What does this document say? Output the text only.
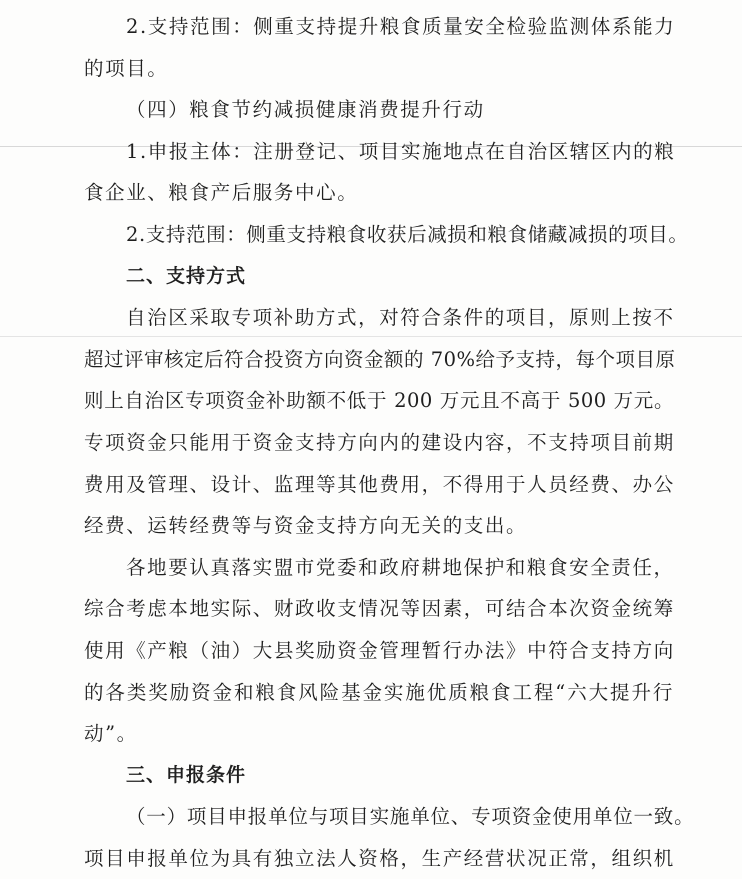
2.支持范围：侧重支持提升粮食质量安全检验监测体系能力
的项目。
（四）粮食节约减损健康消费提升行动
1.申报主体：注册登记、项目实施地点在自治区辖区内的粮
食企业、粮食产后服务中心。
2.支持范围：侧重支持粮食收获后减损和粮食储藏减损的项目。
二、支持方式
自治区采取专项补助方式，对符合条件的项目，原则上按不
超过评审核定后符合投资方向资金额的 70%给予支持，每个项目原
则上自治区专项资金补助额不低于 200 万元且不高于 500 万元。
专项资金只能用于资金支持方向内的建设内容，不支持项目前期
费用及管理、设计、监理等其他费用，不得用于人员经费、办公
经费、运转经费等与资金支持方向无关的支出。
各地要认真落实盟市党委和政府耕地保护和粮食安全责任，
综合考虑本地实际、财政收支情况等因素，可结合本次资金统筹
使用《产粮（油）大县奖励资金管理暂行办法》中符合支持方向
的各类奖励资金和粮食风险基金实施优质粮食工程“六大提升行
动”。
三、申报条件
（一）项目申报单位与项目实施单位、专项资金使用单位一致。
项目申报单位为具有独立法人资格，生产经营状况正常，组织机
